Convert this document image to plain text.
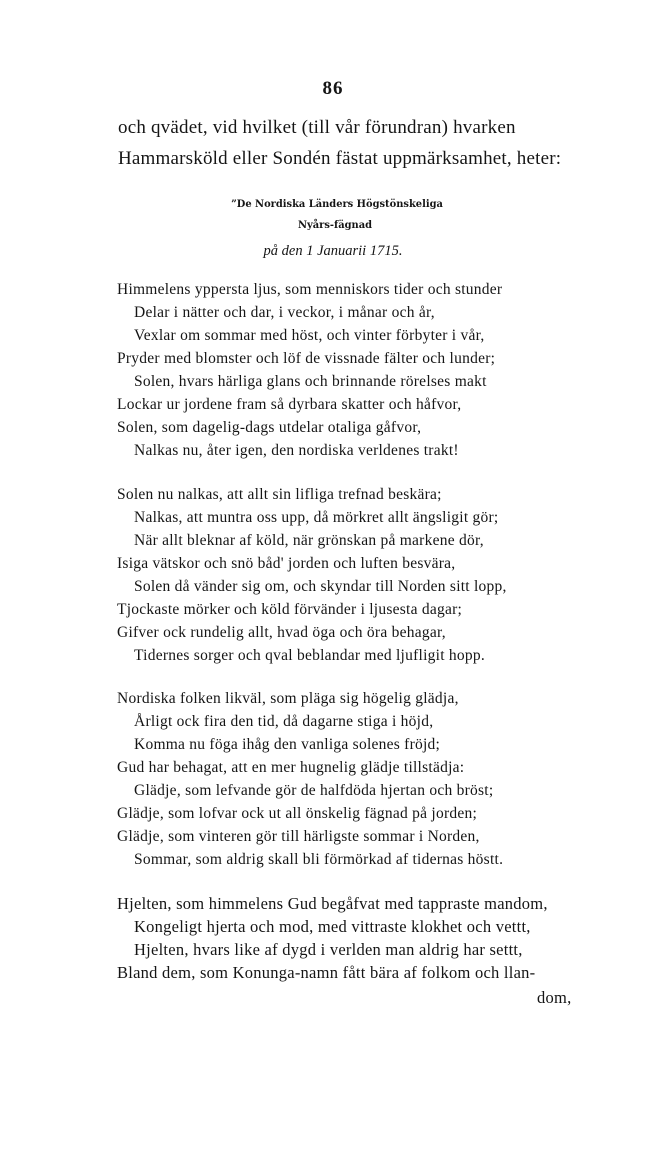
86
och qvädet, vid hvilket (till vår förundran) hvarken
Hammarsköld eller Sondén fästat uppmärksamhet, heter:
”De Nordiska Länders Högstönskeliga
Nyårs-fägnad
på den 1 Januarii 1715.
Himmelens ypperstа ljus, som menniskors tider och stunder
Delar i nätter och dar, i veckor, i månar och år,
Vexlar om sommar med höst, och vinter förbyter i vår,
Pryder med blomster och löf de vissnade fälter och lunder;
Solen, hvars härliga glans och brinnande rörelses makt
Lockar ur jordene fram så dyrbara skatter och håfvor,
Solen, som dagelig-dags utdelar otaliga gåfvor,
Nalkas nu, åter igen, den nordiska verldenes trakt!
Solen nu nalkas, att allt sin lifliga trefnad beskära;
Nalkas, att muntra oss upp, då mörkret allt ängsligit gör;
När allt bleknar af köld, när grönskan på markene dör,
Isiga vätskor och snö båd' jorden och luften besvära,
Solen då vänder sig om, och skyndar till Norden sitt lopp,
Tjockaste mörker och köld förvänder i ljusesta dagar;
Gifver ock rundelig allt, hvad öga och öra behagar,
Tidernes sorger och qval beblandar med ljufligit hopp.
Nordiska folken likväl, som pläga sig högelig glädja,
Årligt ock fira den tid, då dagarne stiga i höjd,
Komma nu föga ihåg den vanliga solenes fröjd;
Gud har behagat, att en mer hugnelig glädje tillstädja:
Glädje, som lefvande gör de halfdöda hjertan och bröst;
Glädje, som lofvar ock ut all önskelig fägnad på jorden;
Glädje, som vinteren gör till härligste sommar i Norden,
Sommar, som aldrig skall bli förmörkad af tidernas höstt.
Hjelten, som himmelens Gud begåfvat med tappraste mandom,
Kongeligt hjerta och mod, med vittraste klokhet och vettt,
Hjelten, hvars like af dygd i verlden man aldrig har settt,
Bland dem, som Konunga-namn fått bära af folkom och llan-
dom,
